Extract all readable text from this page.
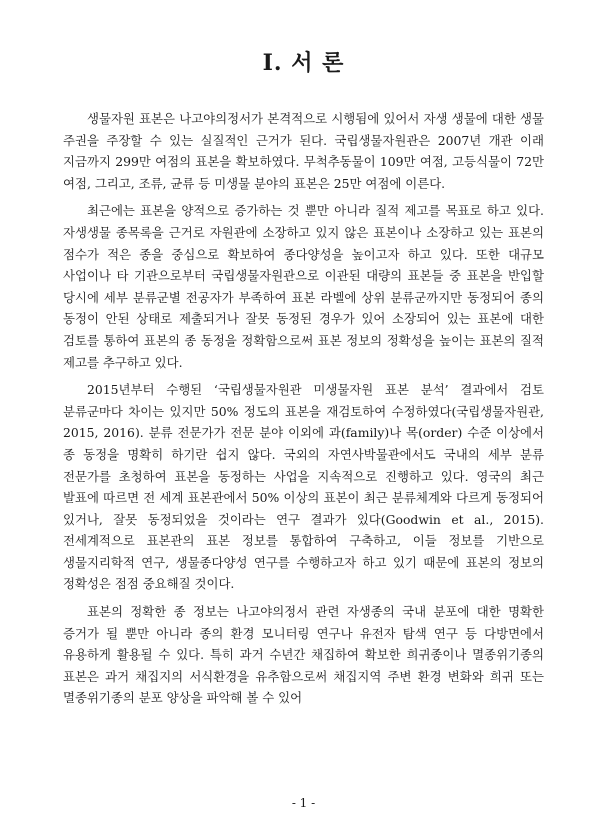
I. 서 론

생물자원 표본은 나고야의정서가 본격적으로 시행됨에 있어서 자생 생물에 대한 생물 주권을 주장할 수 있는 실질적인 근거가 된다. 국립생물자원관은 2007년 개관 이래 지금까지 299만 여점의 표본을 확보하였다. 무척추동물이 109만 여점, 고등식물이 72만 여점, 그리고, 조류, 균류 등 미생물 분야의 표본은 25만 여점에 이른다.

최근에는 표본을 양적으로 증가하는 것 뿐만 아니라 질적 제고를 목표로 하고 있다. 자생생물 종목록을 근거로 자원관에 소장하고 있지 않은 표본이나 소장하고 있는 표본의 점수가 적은 종을 중심으로 확보하여 종다양성을 높이고자 하고 있다. 또한 대규모 사업이나 타 기관으로부터 국립생물자원관으로 이관된 대량의 표본들 중 표본을 반입할 당시에 세부 분류군별 전공자가 부족하여 표본 라벨에 상위 분류군까지만 동정되어 종의 동정이 안된 상태로 제출되거나 잘못 동정된 경우가 있어 소장되어 있는 표본에 대한 검토를 통하여 표본의 종 동정을 정확함으로써 표본 정보의 정확성을 높이는 표본의 질적 제고를 추구하고 있다.

2015년부터 수행된 ‘국립생물자원관 미생물자원 표본 분석’ 결과에서 검토 분류군마다 차이는 있지만 50% 정도의 표본을 재검토하여 수정하였다(국립생물자원관, 2015, 2016). 분류 전문가가 전문 분야 이외에 과(family)나 목(order) 수준 이상에서 종 동정을 명확히 하기란 쉽지 않다. 국외의 자연사박물관에서도 국내의 세부 분류 전문가를 초청하여 표본을 동정하는 사업을 지속적으로 진행하고 있다. 영국의 최근 발표에 따르면 전 세계 표본관에서 50% 이상의 표본이 최근 분류체계와 다르게 동정되어 있거나, 잘못 동정되었을 것이라는 연구 결과가 있다(Goodwin et al., 2015). 전세계적으로 표본관의 표본 정보를 통합하여 구축하고, 이들 정보를 기반으로 생물지리학적 연구, 생물종다양성 연구를 수행하고자 하고 있기 때문에 표본의 정보의 정확성은 점점 중요해질 것이다.

표본의 정확한 종 정보는 나고야의정서 관련 자생종의 국내 분포에 대한 명확한 증거가 될 뿐만 아니라 종의 환경 모니터링 연구나 유전자 탐색 연구 등 다방면에서 유용하게 활용될 수 있다. 특히 과거 수년간 채집하여 확보한 희귀종이나 멸종위기종의 표본은 과거 채집지의 서식환경을 유추함으로써 채집지역 주변 환경 변화와 희귀 또는 멸종위기종의 분포 양상을 파악해 볼 수 있어

- 1 -
